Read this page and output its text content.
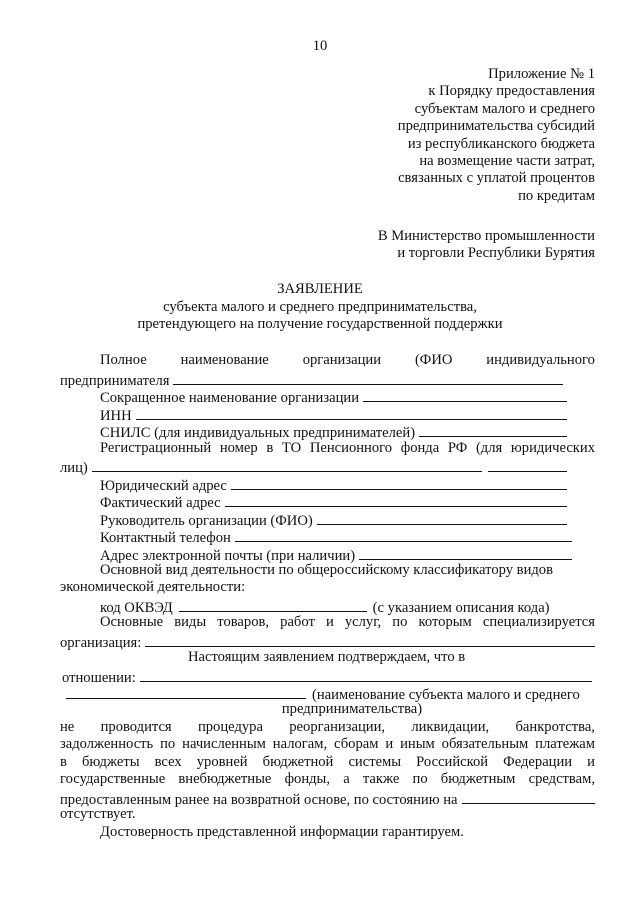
10
Приложение № 1
к Порядку предоставления
субъектам малого и среднего
предпринимательства субсидий
из республиканского бюджета
на возмещение части затрат,
связанных с уплатой процентов
по кредитам
В Министерство промышленности
и торговли Республики Бурятия
ЗАЯВЛЕНИЕ
субъекта малого и среднего предпринимательства,
претендующего на получение государственной поддержки
Полное наименование организации (ФИО индивидуального
предпринимателя
Сокращенное наименование организации
ИНН
СНИЛС (для индивидуальных предпринимателей)
Регистрационный номер в ТО Пенсионного фонда РФ (для юридических
лиц)
Юридический адрес
Фактический адрес
Руководитель организации (ФИО)
Контактный телефон
Адрес электронной почты (при наличии)
Основной вид деятельности по общероссийскому классификатору видов
экономической деятельности:
код ОКВЭД	(с указанием описания кода)
Основные виды товаров, работ и услуг, по которым специализируется
организация:
Настоящим заявлением подтверждаем, что в
отношении:
(наименование субъекта малого и среднего
предпринимательства)
не проводится процедура реорганизации, ликвидации, банкротства,
задолженность по начисленным налогам, сборам и иным обязательным платежам
в бюджеты всех уровней бюджетной системы Российской Федерации и
государственные внебюджетные фонды, а также по бюджетным средствам,
предоставленным ранее на возвратной основе, по состоянию на
отсутствует.
Достоверность представленной информации гарантируем.
